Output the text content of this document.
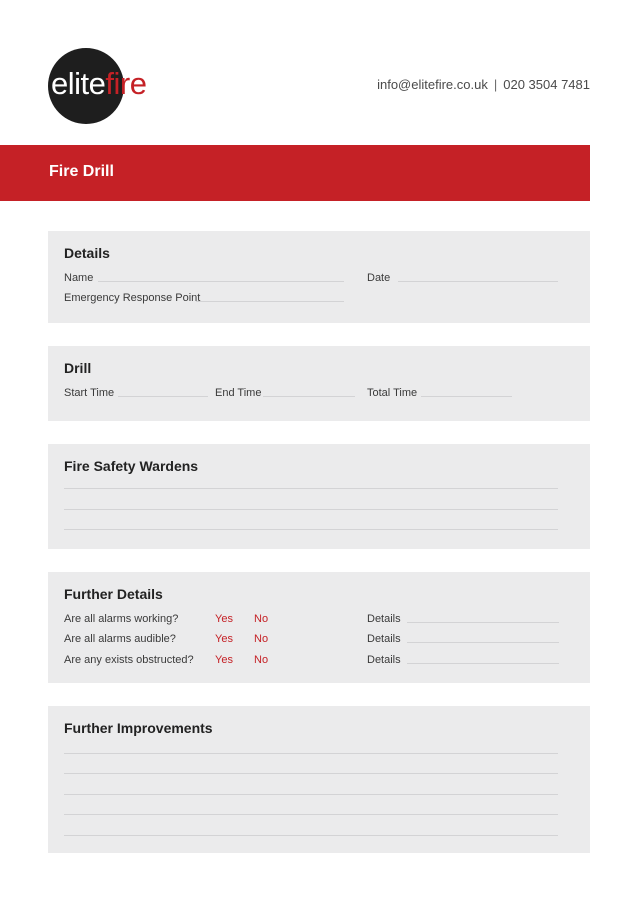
elitefire	info@elitefire.co.uk | 020 3504 7481
Fire Drill
Details
Name	Date
Emergency Response Point
Drill
Start Time	End Time	Total Time
Fire Safety Wardens
Further Details
Are all alarms working?	Yes No	Details
Are all alarms audible?	Yes No	Details
Are any exists obstructed? Yes No	Details
Further Improvements
